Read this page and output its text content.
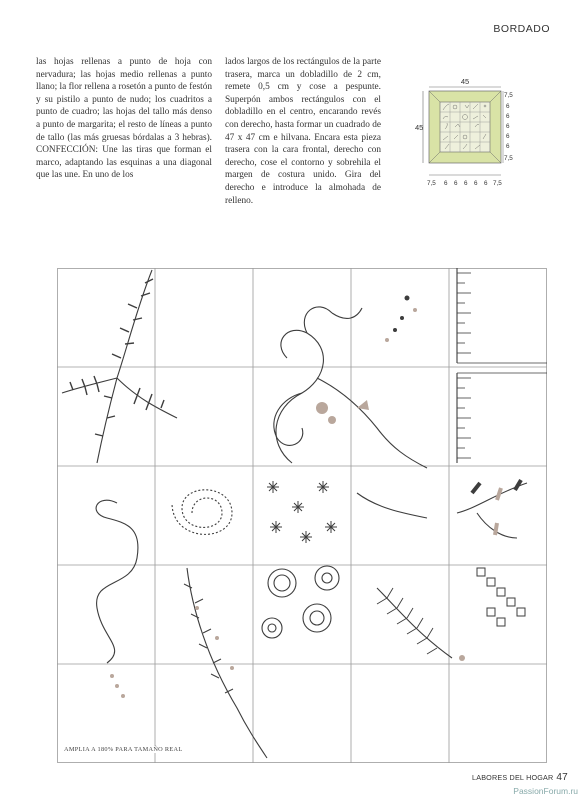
BORDADO
las hojas rellenas a punto de hoja con nervadura; las hojas medio rellenas a punto llano; la flor rellena a rosetón a punto de festón y su pistilo a punto de nudo; los cuadritos a punto de cuadro; las hojas del tallo más denso a punto de margarita; el resto de líneas a punto de tallo (las más gruesas bórdalas a 3 hebras). CONFECCIÓN: Une las tiras que forman el marco, adaptando las esquinas a una diagonal que las une. En uno de los
lados largos de los rectángulos de la parte trasera, marca un dobladillo de 2 cm, remete 0,5 cm y cose a pespunte. Superpón ambos rectángulos con el dobladillo en el centro, encarando revés con derecho, hasta formar un cuadrado de 47 x 47 cm e hilvana. Encara esta pieza trasera con la cara frontal, derecho con derecho, cose el contorno y sobrehila el margen de costura unido. Gira del derecho e introduce la almohada de relleno.
45
45
7,5
6
6
6
6
6
7,5
7,5 6 6 6 6 6 7,5
AMPLIA A 180% PARA TAMAÑO REAL
LABORES DEL HOGAR 47
PassionForum.ru
